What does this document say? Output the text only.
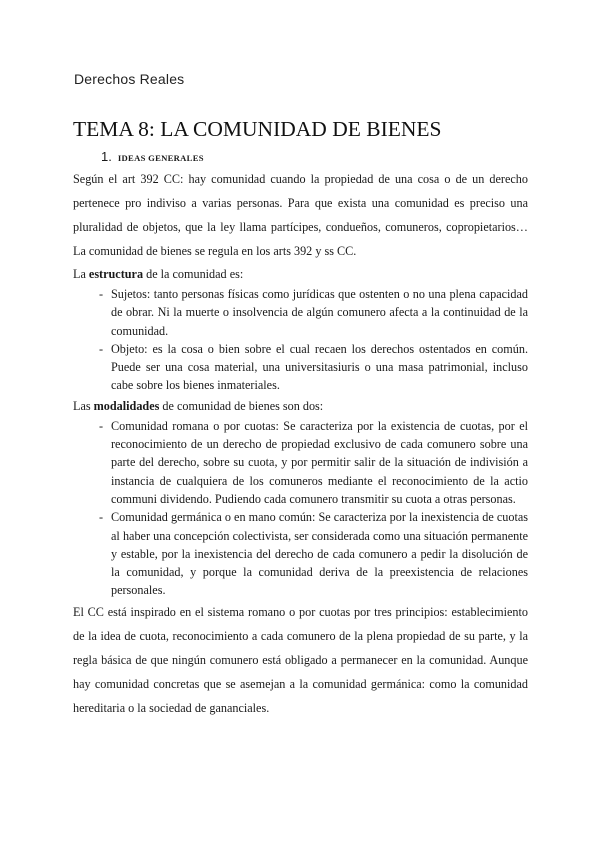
Derechos Reales
TEMA 8: LA COMUNIDAD DE BIENES
1. IDEAS GENERALES

Según el art 392 CC: hay comunidad cuando la propiedad de una cosa o de un derecho pertenece pro indiviso a varias personas. Para que exista una comunidad es preciso una pluralidad de objetos, que la ley llama partícipes, condueños, comuneros, copropietarios… La comunidad de bienes se regula en los arts 392 y ss CC.

La estructura de la comunidad es:

- Sujetos: tanto personas físicas como jurídicas que ostenten o no una plena capacidad de obrar. Ni la muerte o insolvencia de algún comunero afecta a la continuidad de la comunidad.
- Objeto: es la cosa o bien sobre el cual recaen los derechos ostentados en común. Puede ser una cosa material, una universitasiuris o una masa patrimonial, incluso cabe sobre los bienes inmateriales.

Las modalidades de comunidad de bienes son dos:

- Comunidad romana o por cuotas: Se caracteriza por la existencia de cuotas, por el reconocimiento de un derecho de propiedad exclusivo de cada comunero sobre una parte del derecho, sobre su cuota, y por permitir salir de la situación de indivisión a instancia de cualquiera de los comuneros mediante el reconocimiento de la actio communi dividendo. Pudiendo cada comunero transmitir su cuota a otras personas.
- Comunidad germánica o en mano común: Se caracteriza por la inexistencia de cuotas al haber una concepción colectivista, ser considerada como una situación permanente y estable, por la inexistencia del derecho de cada comunero a pedir la disolución de la comunidad, y porque la comunidad deriva de la preexistencia de relaciones personales.

El CC está inspirado en el sistema romano o por cuotas por tres principios: establecimiento de la idea de cuota, reconocimiento a cada comunero de la plena propiedad de su parte, y la regla básica de que ningún comunero está obligado a permanecer en la comunidad. Aunque hay comunidad concretas que se asemejan a la comunidad germánica: como la comunidad hereditaria o la sociedad de gananciales.
